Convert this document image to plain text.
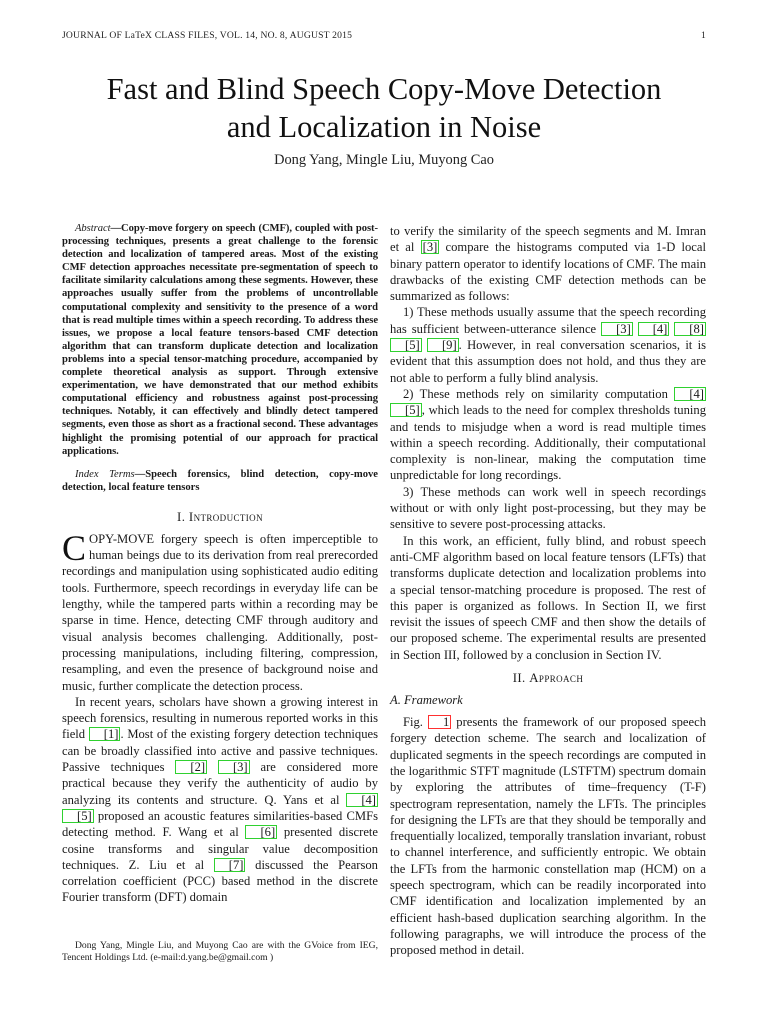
JOURNAL OF LaTeX CLASS FILES, VOL. 14, NO. 8, AUGUST 2015	1
Fast and Blind Speech Copy-Move Detection
and Localization in Noise
Dong Yang, Mingle Liu, Muyong Cao

Abstract—Copy-move forgery on speech (CMF), coupled with post-processing techniques, presents a great challenge to the forensic detection and localization of tampered areas. Most of the existing CMF detection approaches necessitate pre-segmentation of speech to facilitate similarity calculations among these segments. However, these approaches usually suffer from the problems of uncontrollable computational complexity and sensitivity to the presence of a word that is read multiple times within a speech recording. To address these issues, we propose a local feature tensors-based CMF detection algorithm that can transform duplicate detection and localization problems into a special tensor-matching procedure, accompanied by complete theoretical analysis as support. Through extensive experimentation, we have demonstrated that our method exhibits computational efficiency and robustness against post-processing techniques. Notably, it can effectively and blindly detect tampered segments, even those as short as a fractional second. These advantages highlight the promising potential of our approach for practical applications.

Index Terms—Speech forensics, blind detection, copy-move detection, local feature tensors

I. Introduction

COPY-MOVE forgery speech is often imperceptible to human beings due to its derivation from real prerecorded recordings and manipulation using sophisticated audio editing tools. Furthermore, speech recordings in everyday life can be lengthy, while the tampered parts within a recording may be sparse in time. Hence, detecting CMF through auditory and visual analysis becomes challenging. Additionally, post-processing manipulations, including filtering, compression, resampling, and even the presence of background noise and music, further complicate the detection process.

In recent years, scholars have shown a growing interest in speech forensics, resulting in numerous reported works in this field [1] . Most of the existing forgery detection techniques can be broadly classified into active and passive techniques. Passive techniques [2] [3] are considered more practical because they verify the authenticity of audio by analyzing its contents and structure. Q. Yans et al [4] [5] proposed an acoustic features similarities-based CMFs detecting method. F. Wang et al [6] presented discrete cosine transforms and singular value decomposition techniques. Z. Liu et al [7] discussed the Pearson correlation coefficient (PCC) based method in the discrete Fourier transform (DFT) domain

Dong Yang, Mingle Liu, and Muyong Cao are with the GVoice from IEG, Tencent Holdings Ltd. (e-mail:d.yang.be@gmail.com )

to verify the similarity of the speech segments and M. Imran et al [3] compare the histograms computed via 1-D local binary pattern operator to identify locations of CMF. The main drawbacks of the existing CMF detection methods can be summarized as follows:

1) These methods usually assume that the speech recording has sufficient between-utterance silence [3] [4] [8] [5] [9] . However, in real conversation scenarios, it is evident that this assumption does not hold, and thus they are not able to perform a fully blind analysis.

2) These methods rely on similarity computation [4] [5] , which leads to the need for complex thresholds tuning and tends to misjudge when a word is read multiple times within a speech recording. Additionally, their computational complexity is non-linear, making the computation time unpredictable for long recordings.

3) These methods can work well in speech recordings without or with only light post-processing, but they may be sensitive to severe post-processing attacks.

In this work, an efficient, fully blind, and robust speech anti-CMF algorithm based on local feature tensors (LFTs) that transforms duplicate detection and localization problems into a special tensor-matching procedure is proposed. The rest of this paper is organized as follows. In Section II, we first revisit the issues of speech CMF and then show the details of our proposed scheme. The experimental results are presented in Section III, followed by a conclusion in Section IV.

II. Approach
A. Framework

Fig. 1 presents the framework of our proposed speech forgery detection scheme. The search and localization of duplicated segments in the speech recordings are computed in the logarithmic STFT magnitude (LSTFTM) spectrum domain by exploring the attributes of time–frequency (T-F) spectrogram representation, namely the LFTs. The principles for designing the LFTs are that they should be temporally and frequentially localized, temporally translation invariant, robust to channel interference, and sufficiently entropic. We obtain the LFTs from the harmonic constellation map (HCM) on a speech spectrogram, which can be readily incorporated into CMF identification and localization implemented by an efficient hash-based duplication searching algorithm. In the following paragraphs, we will introduce the process of the proposed method in detail.
